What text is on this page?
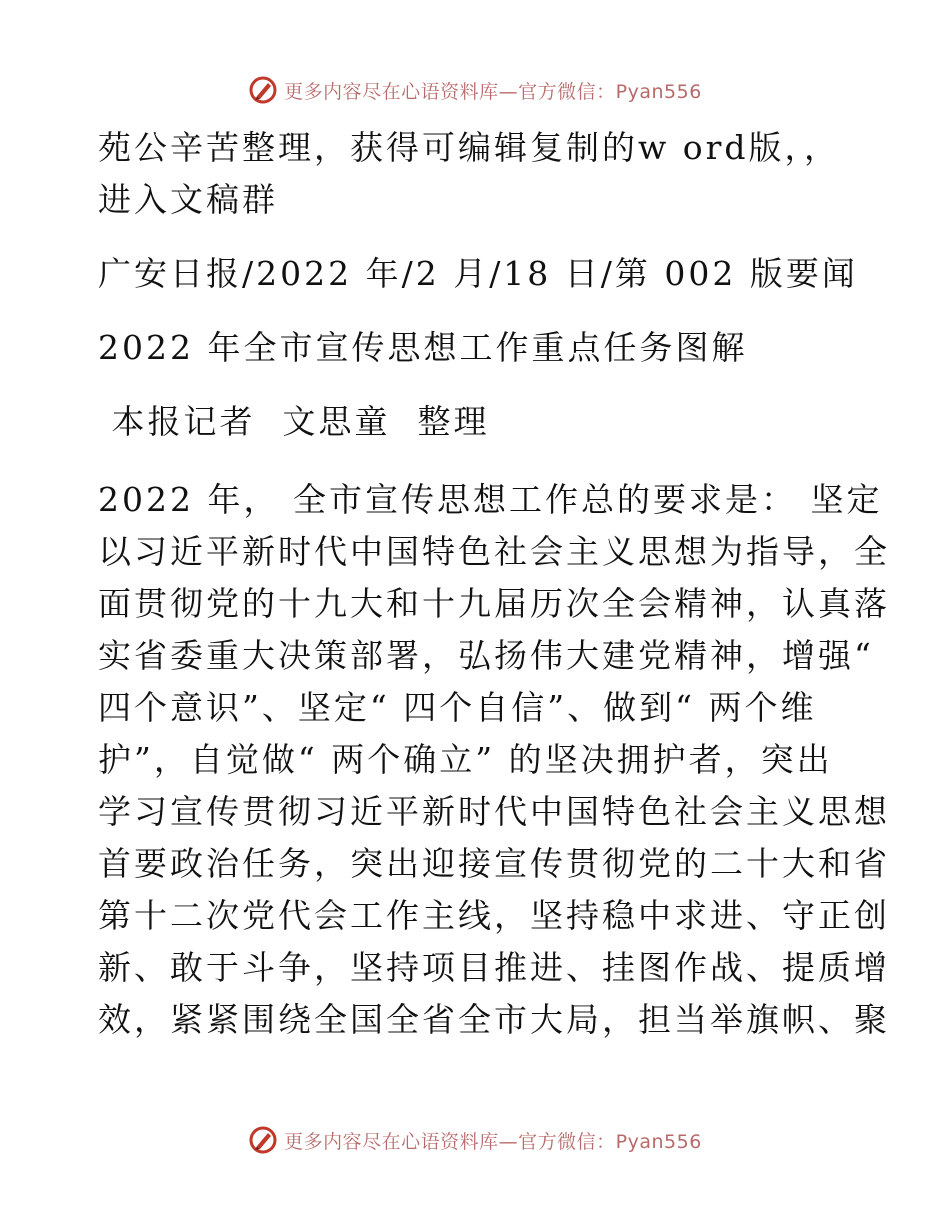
更多内容尽在心语资料库—官方微信：Pyan556

苑公辛苦整理，获得可编辑复制的w ord版，，
进入文稿群

广安日报/2022 年/2 月/18 日/第 002 版要闻

2022 年全市宣传思想工作重点任务图解

本报记者  文思童  整理

2022 年， 全市宣传思想工作总的要求是： 坚定
以习近平新时代中国特色社会主义思想为指导，全
面贯彻党的十九大和十九届历次全会精神，认真落
实省委重大决策部署，弘扬伟大建党精神，增强“
四个意识”、坚定“ 四个自信”、做到“ 两个维
护”，自觉做“ 两个确立” 的坚决拥护者，突出
学习宣传贯彻习近平新时代中国特色社会主义思想
首要政治任务，突出迎接宣传贯彻党的二十大和省
第十二次党代会工作主线，坚持稳中求进、守正创
新、敢于斗争，坚持项目推进、挂图作战、提质增
效，紧紧围绕全国全省全市大局，担当举旗帜、聚

更多内容尽在心语资料库—官方微信：Pyan556
